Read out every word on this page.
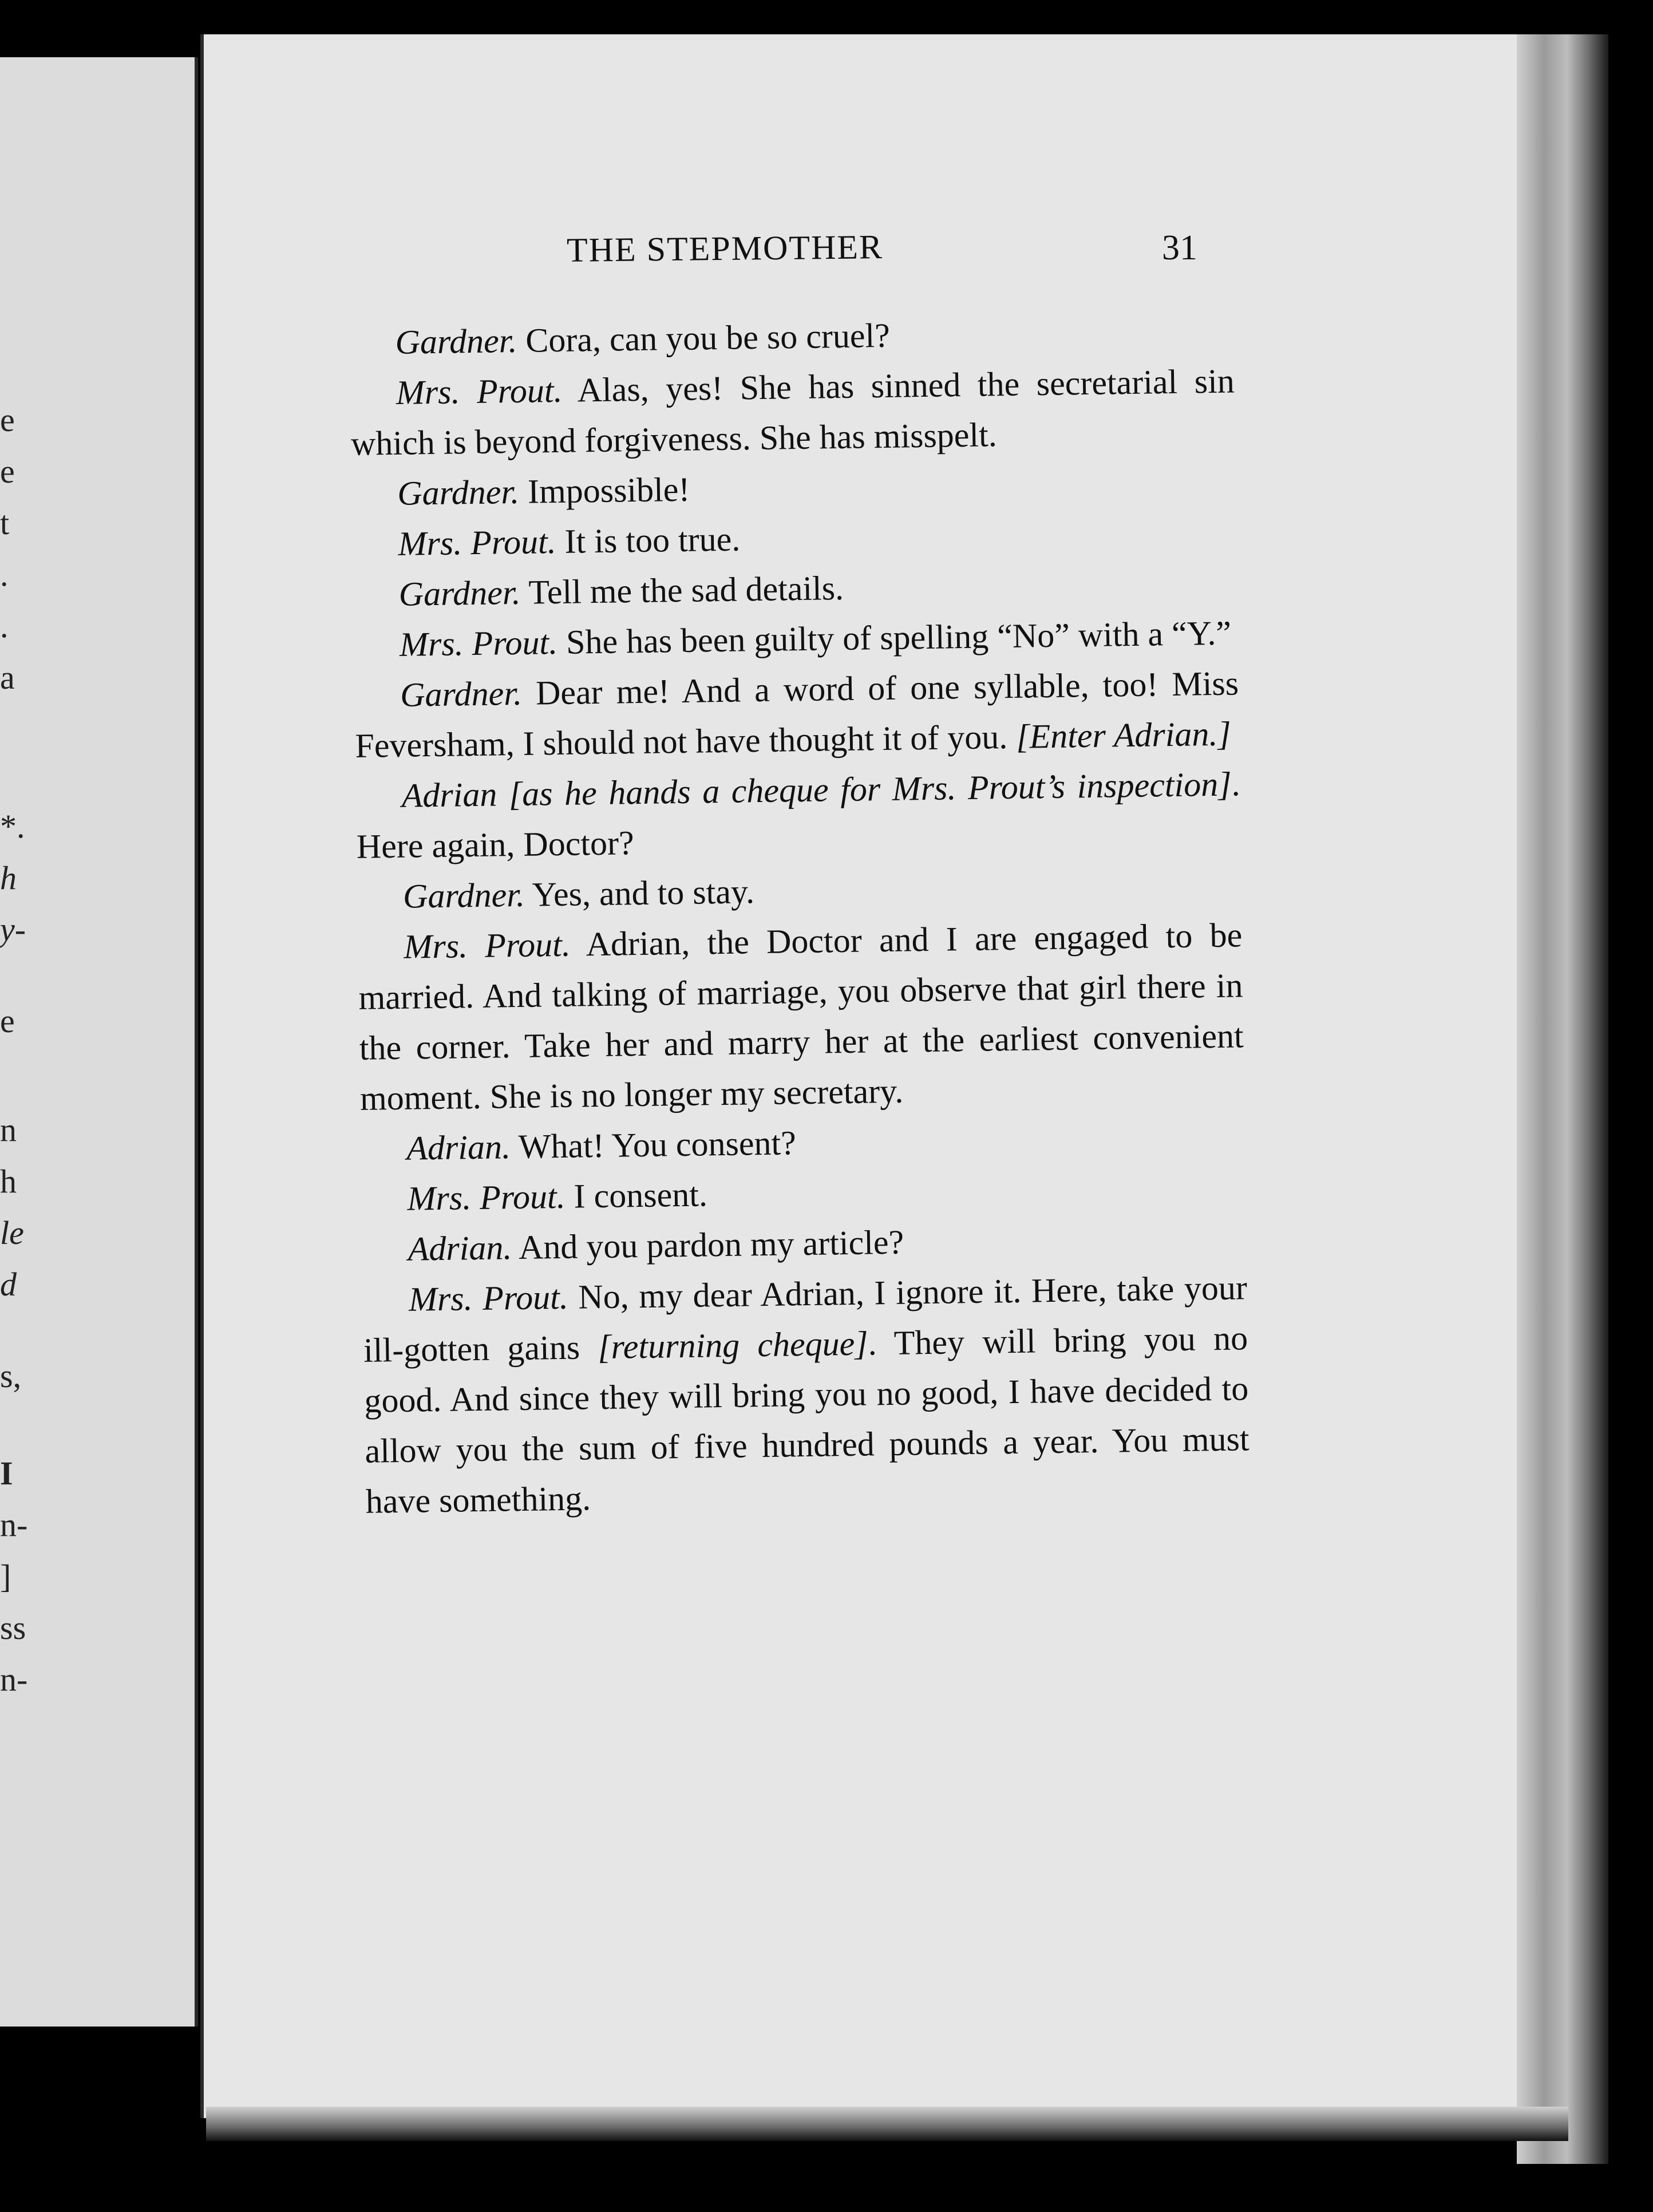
e
e
t
.
.
a
*.
h
y-
e
n
h
le
d
s,
I
n-
]
ss
n-
THE STEPMOTHER	31

Gardner. Cora, can you be so cruel?

Mrs. Prout. Alas, yes! She has sinned the secretarial sin which is beyond forgiveness. She has misspelt.

Gardner. Impossible!

Mrs. Prout. It is too true.

Gardner. Tell me the sad details.

Mrs. Prout. She has been guilty of spelling “No” with a “Y.”

Gardner. Dear me! And a word of one syllable, too! Miss Feversham, I should not have thought it of you. [Enter Adrian.]

Adrian [as he hands a cheque for Mrs. Prout’s inspection]. Here again, Doctor?

Gardner. Yes, and to stay.

Mrs. Prout. Adrian, the Doctor and I are engaged to be married. And talking of marriage, you observe that girl there in the corner. Take her and marry her at the earliest convenient moment. She is no longer my secretary.

Adrian. What! You consent?

Mrs. Prout. I consent.

Adrian. And you pardon my article?

Mrs. Prout. No, my dear Adrian, I ignore it. Here, take your ill-gotten gains [returning cheque]. They will bring you no good. And since they will bring you no good, I have decided to allow you the sum of five hundred pounds a year. You must have something.
